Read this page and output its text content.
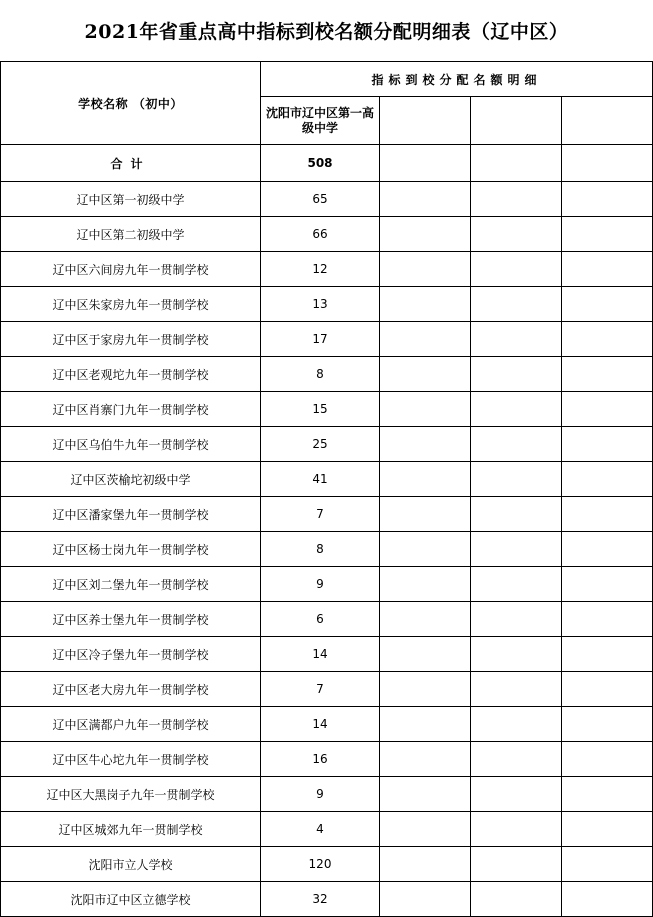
2021年省重点高中指标到校名额分配明细表（辽中区）
学校名称 （初中）	指标到校分配名额明细			
	沈阳市辽中区第一高级中学			
合计	508			
辽中区第一初级中学	65			
辽中区第二初级中学	66			
辽中区六间房九年一贯制学校	12			
辽中区朱家房九年一贯制学校	13			
辽中区于家房九年一贯制学校	17			
辽中区老观坨九年一贯制学校	8			
辽中区肖寨门九年一贯制学校	15			
辽中区乌伯牛九年一贯制学校	25			
辽中区茨榆坨初级中学	41			
辽中区潘家堡九年一贯制学校	7			
辽中区杨士岗九年一贯制学校	8			
辽中区刘二堡九年一贯制学校	9			
辽中区养士堡九年一贯制学校	6			
辽中区冷子堡九年一贯制学校	14			
辽中区老大房九年一贯制学校	7			
辽中区满都户九年一贯制学校	14			
辽中区牛心坨九年一贯制学校	16			
辽中区大黑岗子九年一贯制学校	9			
辽中区城郊九年一贯制学校	4			
沈阳市立人学校	120			
沈阳市辽中区立德学校	32			
